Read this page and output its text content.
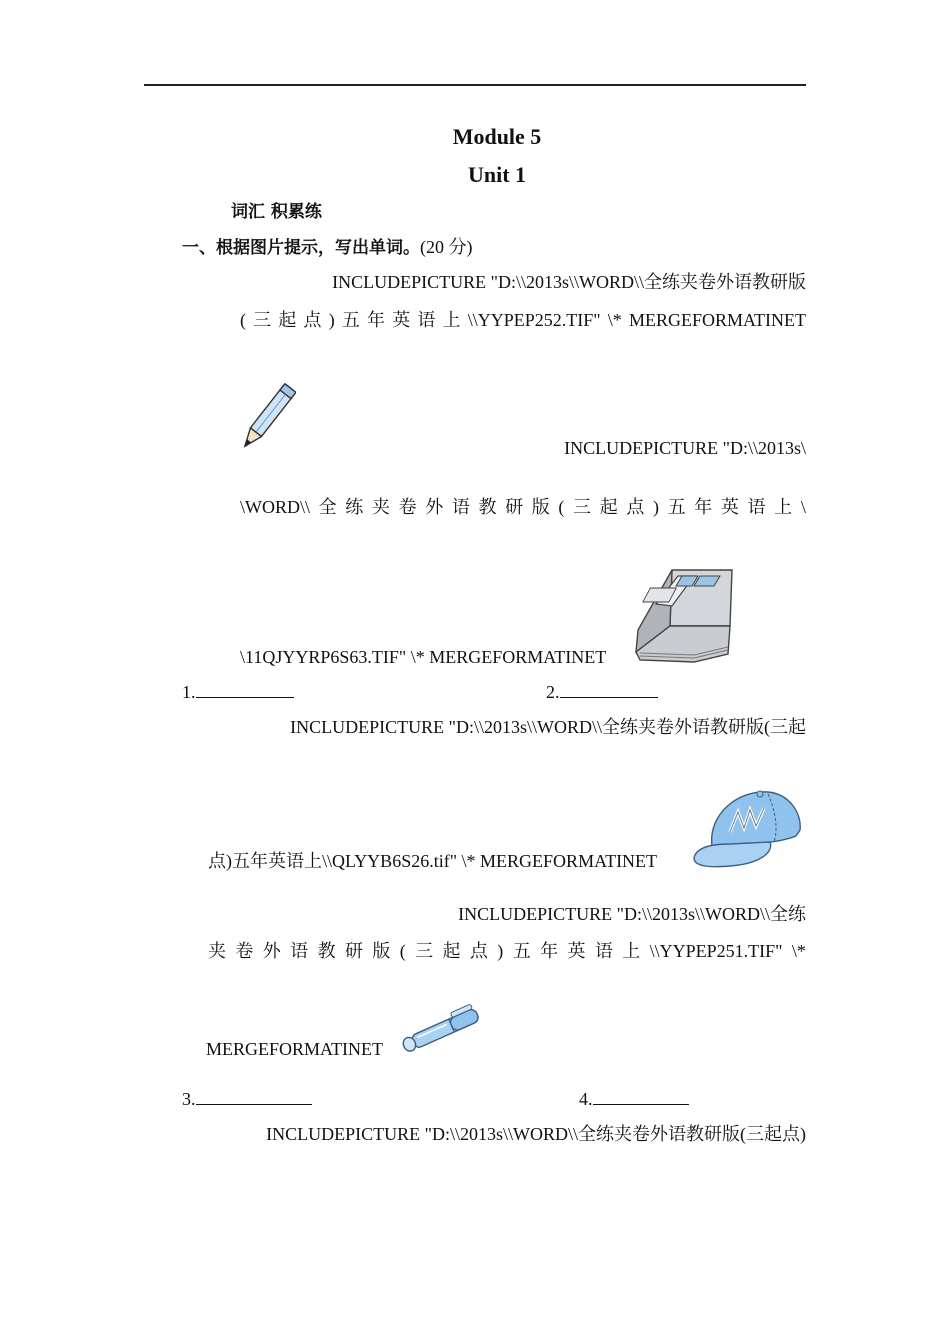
Module 5
Unit 1
词汇 积累练
一、根据图片提示，写出单词。(20 分)
INCLUDEPICTURE "D:\\2013s\\WORD\\全练夹卷外语教研版
( 三 起 点 ) 五 年 英 语 上 \\YYPEP252.TIF" \* MERGEFORMATINET
INCLUDEPICTURE "D:\\2013s\
\WORD\\ 全 练 夹 卷 外 语 教 研 版 ( 三 起 点 ) 五 年 英 语 上 \
\11QJYYRP6S63.TIF" \* MERGEFORMATINET
1.	2.
INCLUDEPICTURE "D:\\2013s\\WORD\\全练夹卷外语教研版(三起
点)五年英语上\\QLYYB6S26.tif" \* MERGEFORMATINET
INCLUDEPICTURE "D:\\2013s\\WORD\\全练
夹 卷 外 语 教 研 版 ( 三 起 点 ) 五 年 英 语 上 \\YYPEP251.TIF" \*
MERGEFORMATINET
3.	4.
INCLUDEPICTURE "D:\\2013s\\WORD\\全练夹卷外语教研版(三起点)
